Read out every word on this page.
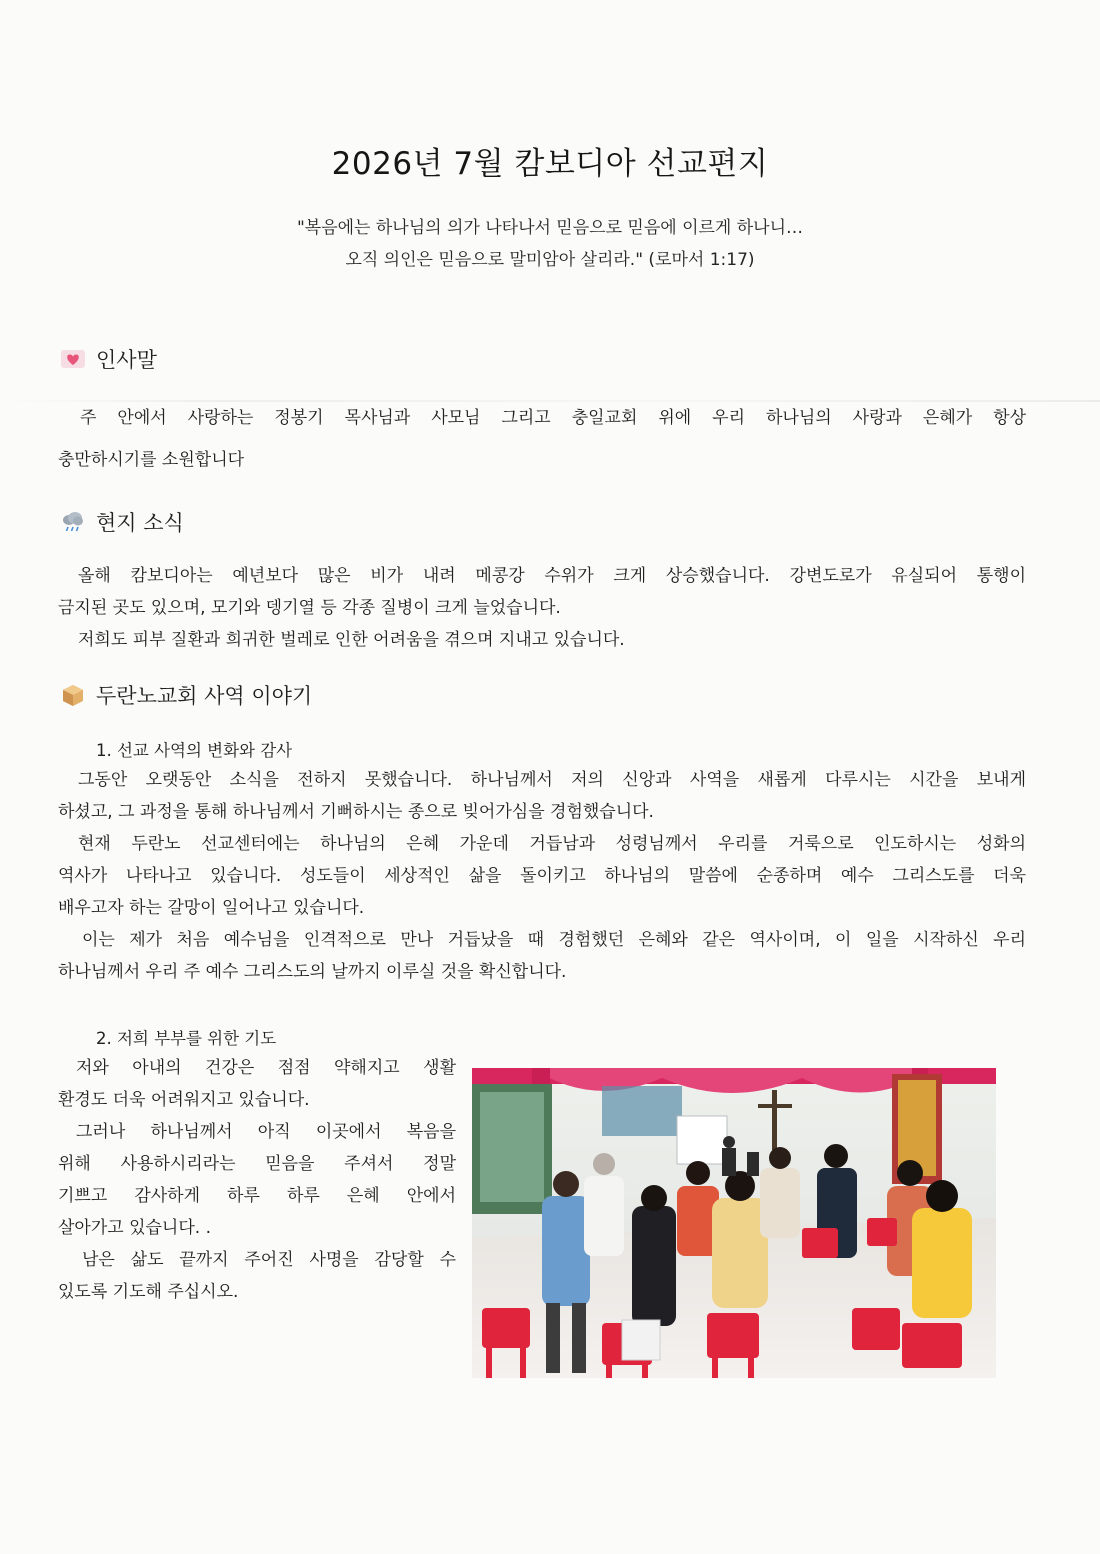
2026년 7월 캄보디아 선교편지
"복음에는 하나님의 의가 나타나서 믿음으로 믿음에 이르게 하나니…
오직 의인은 믿음으로 말미암아 살리라." (로마서 1:17)
인사말
주 안에서 사랑하는 정봉기 목사님과 사모님 그리고 충일교회 위에 우리 하나님의 사랑과 은혜가 항상
충만하시기를 소원합니다
현지 소식
올해 캄보디아는 예년보다 많은 비가 내려 메콩강 수위가 크게 상승했습니다. 강변도로가 유실되어 통행이
금지된 곳도 있으며, 모기와 뎅기열 등 각종 질병이 크게 늘었습니다.
저희도 피부 질환과 희귀한 벌레로 인한 어려움을 겪으며 지내고 있습니다.
두란노교회 사역 이야기
1. 선교 사역의 변화와 감사
그동안 오랫동안 소식을 전하지 못했습니다. 하나님께서 저의 신앙과 사역을 새롭게 다루시는 시간을 보내게
하셨고, 그 과정을 통해 하나님께서 기뻐하시는 종으로 빚어가심을 경험했습니다.
현재 두란노 선교센터에는 하나님의 은혜 가운데 거듭남과 성령님께서 우리를 거룩으로 인도하시는 성화의
역사가 나타나고 있습니다. 성도들이 세상적인 삶을 돌이키고 하나님의 말씀에 순종하며 예수 그리스도를 더욱
배우고자 하는 갈망이 일어나고 있습니다.
이는 제가 처음 예수님을 인격적으로 만나 거듭났을 때 경험했던 은혜와 같은 역사이며, 이 일을 시작하신 우리
하나님께서 우리 주 예수 그리스도의 날까지 이루실 것을 확신합니다.
2. 저희 부부를 위한 기도
저와 아내의 건강은 점점 약해지고 생활
환경도 더욱 어려워지고 있습니다.
그러나 하나님께서 아직 이곳에서 복음을
위해 사용하시리라는 믿음을 주셔서 정말
기쁘고 감사하게 하루 하루 은혜 안에서
살아가고 있습니다. .
남은 삶도 끝까지 주어진 사명을 감당할 수
있도록 기도해 주십시오.
